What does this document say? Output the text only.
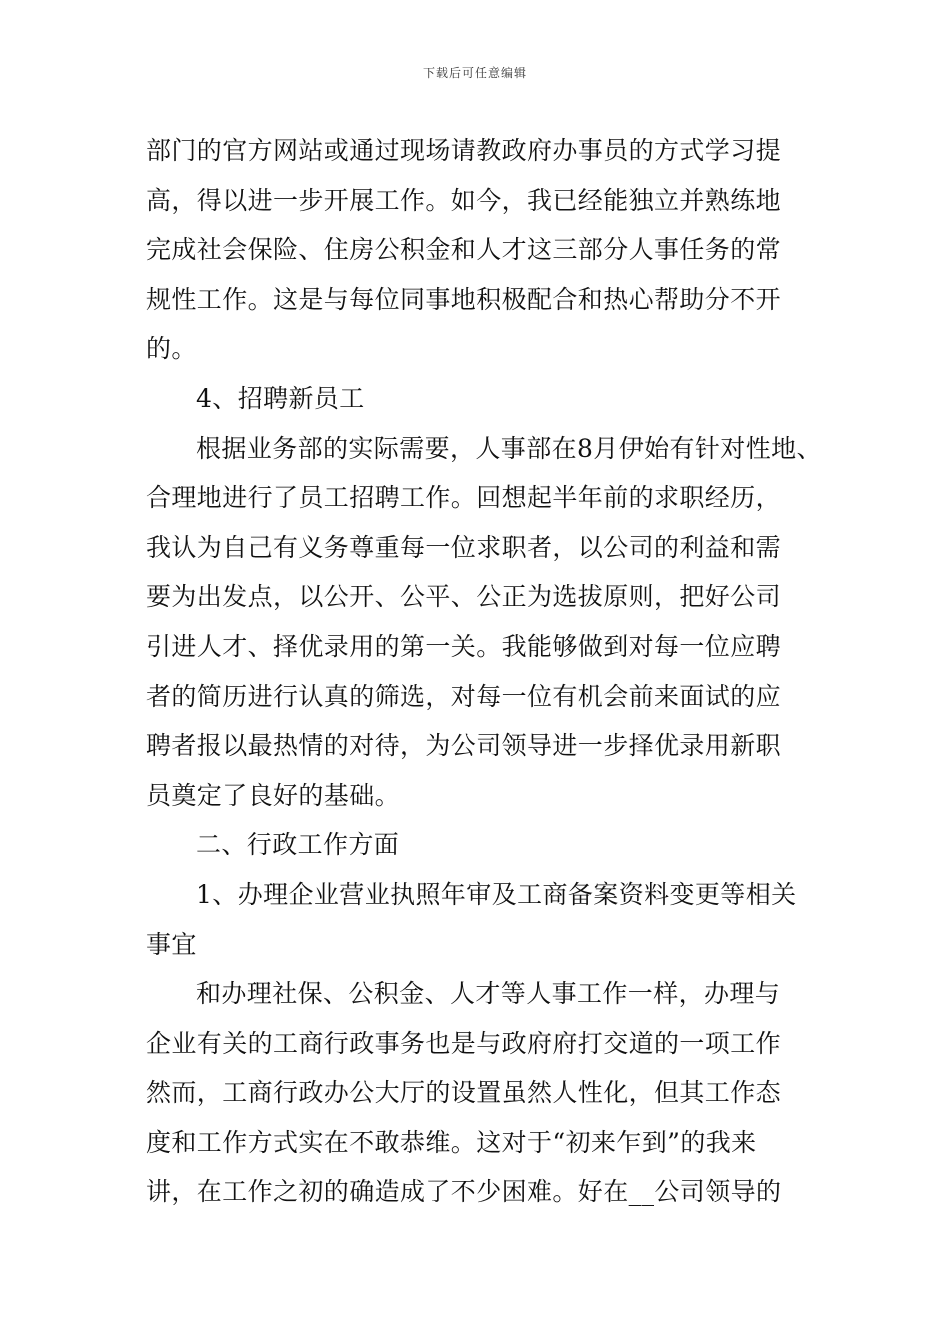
下载后可任意编辑

部门的官方网站或通过现场请教政府办事员的方式学习提
高，得以进一步开展工作。如今，我已经能独立并熟练地
完成社会保险、住房公积金和人才这三部分人事任务的常
规性工作。这是与每位同事地积极配合和热心帮助分不开
的。

4、招聘新员工

根据业务部的实际需要，人事部在8月伊始有针对性地、
合理地进行了员工招聘工作。回想起半年前的求职经历，
我认为自己有义务尊重每一位求职者，以公司的利益和需
要为出发点，以公开、公平、公正为选拔原则，把好公司
引进人才、择优录用的第一关。我能够做到对每一位应聘
者的简历进行认真的筛选，对每一位有机会前来面试的应
聘者报以最热情的对待，为公司领导进一步择优录用新职
员奠定了良好的基础。

二、行政工作方面

1、办理企业营业执照年审及工商备案资料变更等相关
事宜

和办理社保、公积金、人才等人事工作一样，办理与
企业有关的工商行政事务也是与政府府打交道的一项工作
然而，工商行政办公大厅的设置虽然人性化，但其工作态
度和工作方式实在不敢恭维。这对于“初来乍到”的我来
讲，在工作之初的确造成了不少困难。好在__公司领导的
